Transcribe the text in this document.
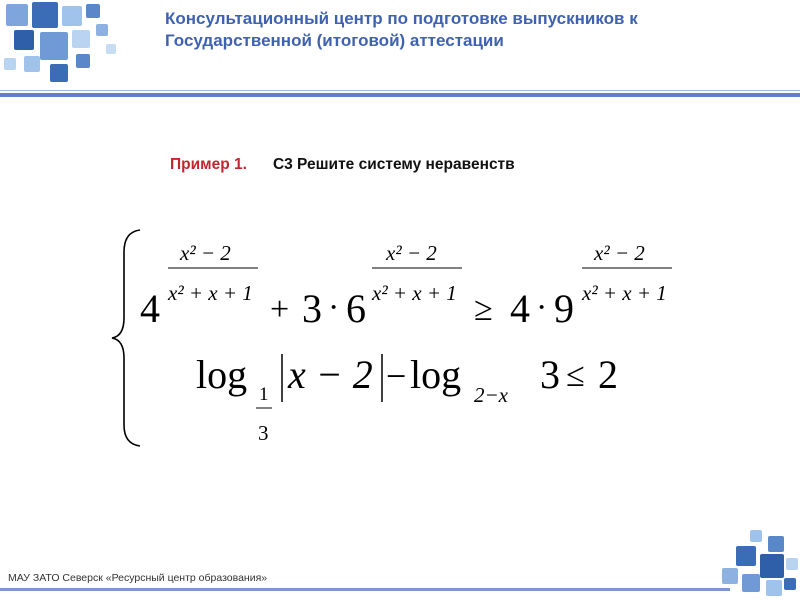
Консультационный центр по подготовке выпускников к
Государственной (итоговой) аттестации
Пример 1. С3 Решите систему неравенств
4
x² − 2
x² + x + 1 + 3 · 6
x² − 2
x² + x + 1 ≥ 4 · 9
x² − 2
x² + x + 1
log 1
3
x − 2 − log 2−x 3 ≤ 2
МАУ ЗАТО Северск «Ресурсный центр образования»
